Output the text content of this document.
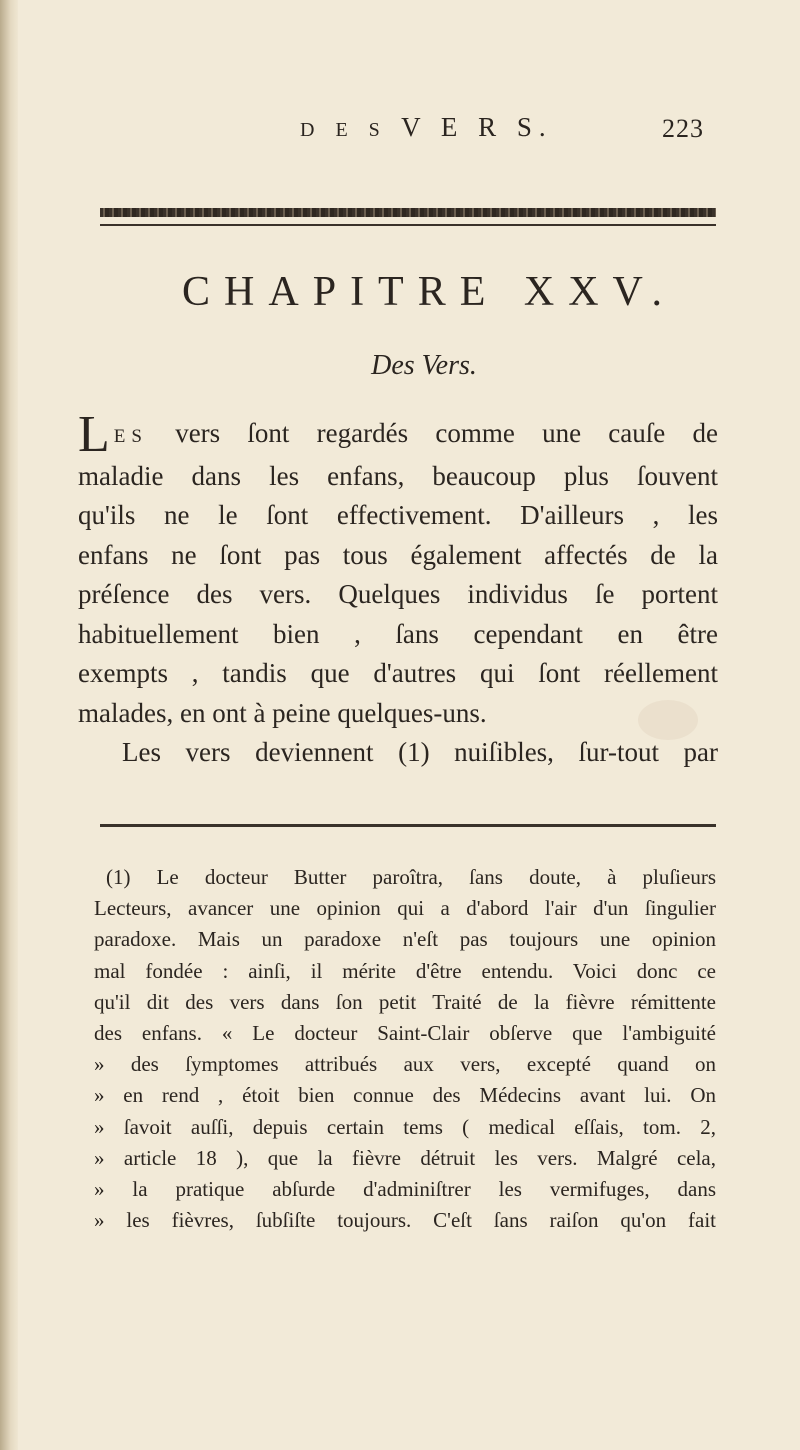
D E S V E R S.	223
CHAPITRE XXV.
Des Vers.
LES vers ſont regardés comme une cauſe de
maladie dans les enfans, beaucoup plus ſouvent
qu'ils ne le ſont effectivement. D'ailleurs , les
enfans ne ſont pas tous également affectés de la
préſence des vers. Quelques individus ſe portent
habituellement bien , ſans cependant en être
exempts , tandis que d'autres qui ſont réellement
malades, en ont à peine quelques-uns.
Les vers deviennent (1) nuiſibles, ſur-tout par
(1) Le docteur Butter paroîtra, ſans doute, à pluſieurs
Lecteurs, avancer une opinion qui a d'abord l'air d'un ſingulier
paradoxe. Mais un paradoxe n'eſt pas toujours une opinion
mal fondée : ainſi, il mérite d'être entendu. Voici donc ce
qu'il dit des vers dans ſon petit Traité de la fièvre rémittente
des enfans. « Le docteur Saint-Clair obſerve que l'ambiguité
» des ſymptomes attribués aux vers, excepté quand on
» en rend , étoit bien connue des Médecins avant lui. On
» ſavoit auſſi, depuis certain tems ( medical eſſais, tom. 2,
» article 18 ), que la fièvre détruit les vers. Malgré cela,
» la pratique abſurde d'adminiſtrer les vermifuges, dans
» les fièvres, ſubſiſte toujours. C'eſt ſans raiſon qu'on fait
